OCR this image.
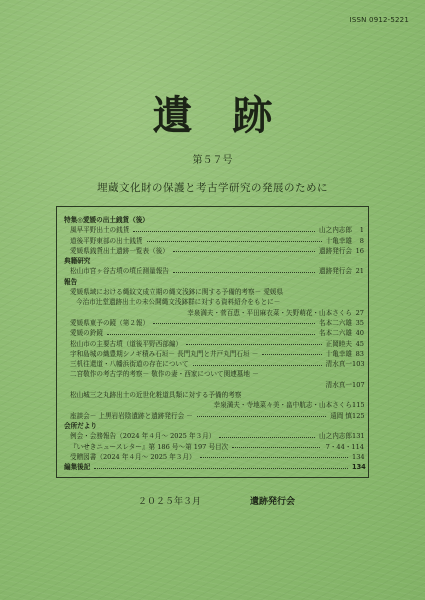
ISSN 0912-5221
遺跡
第５７号
埋蔵文化財の保護と考古学研究の発展のために
特集◎愛媛の出土銭貨（後）
風早平野出土の銭貨	山之内志郎	1
道後平野東部の出土銭貨	十亀幸雄	8
愛媛県銭貨出土遺跡一覧表（後）	遺跡発行会 16
典籍研究
松山市宮ヶ谷古墳の墳丘測量報告	遺跡発行会 21
報告
愛媛県域における縄紋文成立期の縄文浅鉢に関する予備的考察－ 愛媛県
今治市辻堂遺跡出土の未公開縄文浅鉢群に対する資料紹介をもとに－
幸泉満夫・菅百恵・平田麻衣菜・矢野萌花・山本さくら 27
愛媛県東予の鏡（第２報）	名本二六雄 35
愛媛の鈴鏡	名本二六雄 40
松山市の主要古墳（道後平野西部編）	正岡睦夫 45
宇和島城の織豊期シノギ積み石垣－ 長門丸門と井戸丸門石垣 －	十亀幸雄 83
三机往還道・八幡浜街道の存在について	清水真一 103
二宮敬作の考古学的考察－ 敬作の妻・西家について関連墓地 －
清水真一 107
松山城三之丸跡出土の近世化粧道具類に対する予備的考察
幸泉満夫・寺地菜々美・畠中航志・山本さくら 115
座談会－ 上黒岩岩陰遺跡と遺跡発行会 －	遠岡 慎 125
会所だより
例会・会務報告（2024 年４月～ 2025 年３月）	山之内志郎 131
『いせきニュースレター』第 186 号～第 197 号目次	7・44・114
受贈図書（2024 年４月～ 2025 年３月）	134
編集後記	134
２０２５年３月	遺跡発行会
